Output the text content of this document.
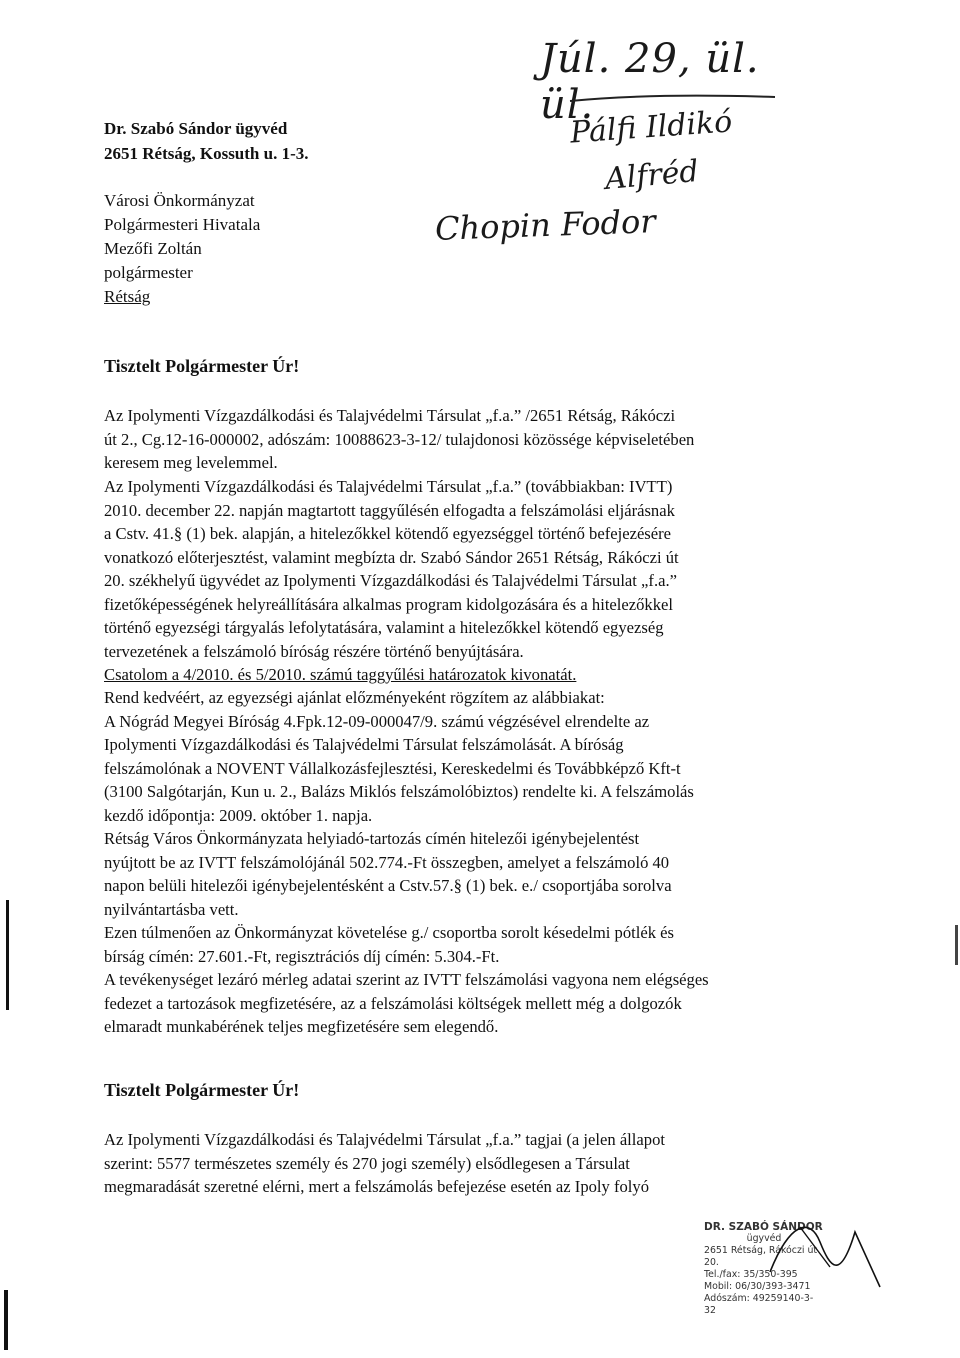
Júl. 29, ül. ül.
Pálfi Ildikó
Alfréd
Chopin Fodor
Dr. Szabó Sándor ügyvéd
2651 Rétság, Kossuth u. 1-3.
Városi Önkormányzat
Polgármesteri Hivatala
Mezőfi Zoltán
polgármester
Rétság
Tisztelt Polgármester Úr!
Az Ipolymenti Vízgazdálkodási és Talajvédelmi Társulat „f.a.” /2651 Rétság, Rákóczi
út 2., Cg.12-16-000002, adószám: 10088623-3-12/ tulajdonosi közössége képviseletében
keresem meg levelemmel.
Az Ipolymenti Vízgazdálkodási és Talajvédelmi Társulat „f.a.” (továbbiakban: IVTT)
2010. december 22. napján magtartott taggyűlésén elfogadta a felszámolási eljárásnak
a Cstv. 41.§ (1) bek. alapján, a hitelezőkkel kötendő egyezséggel történő befejezésére
vonatkozó előterjesztést, valamint megbízta dr. Szabó Sándor 2651 Rétság, Rákóczi út
20. székhelyű ügyvédet az Ipolymenti Vízgazdálkodási és Talajvédelmi Társulat „f.a.”
fizetőképességének helyreállítására alkalmas program kidolgozására és a hitelezőkkel
történő egyezségi tárgyalás lefolytatására, valamint a hitelezőkkel kötendő egyezség
tervezetének a felszámoló bíróság részére történő benyújtására.
Csatolom a 4/2010. és 5/2010. számú taggyűlési határozatok kivonatát.
Rend kedvéért, az egyezségi ajánlat előzményeként rögzítem az alábbiakat:
A Nógrád Megyei Bíróság 4.Fpk.12-09-000047/9. számú végzésével elrendelte az
Ipolymenti Vízgazdálkodási és Talajvédelmi Társulat felszámolását. A bíróság
felszámolónak a NOVENT Vállalkozásfejlesztési, Kereskedelmi és Továbbképző Kft-t
(3100 Salgótarján, Kun u. 2., Balázs Miklós felszámolóbiztos) rendelte ki. A felszámolás
kezdő időpontja: 2009. október 1. napja.
Rétság Város Önkormányzata helyiadó-tartozás címén hitelezői igénybejelentést
nyújtott be az IVTT felszámolójánál 502.774.-Ft összegben, amelyet a felszámoló 40
napon belüli hitelezői igénybejelentésként a Cstv.57.§ (1) bek. e./ csoportjába sorolva
nyilvántartásba vett.
Ezen túlmenően az Önkormányzat követelése g./ csoportba sorolt késedelmi pótlék és
bírság címén: 27.601.-Ft, regisztrációs díj címén: 5.304.-Ft.
A tevékenységet lezáró mérleg adatai szerint az IVTT felszámolási vagyona nem elégséges
fedezet a tartozások megfizetésére, az a felszámolási költségek mellett még a dolgozók
elmaradt munkabérének teljes megfizetésére sem elegendő.
Tisztelt Polgármester Úr!
Az Ipolymenti Vízgazdálkodási és Talajvédelmi Társulat „f.a.” tagjai (a jelen állapot
szerint: 5577 természetes személy és 270 jogi személy) elsődlegesen a Társulat
megmaradását szeretné elérni, mert a felszámolás befejezése esetén az Ipoly folyó
DR. SZABÓ SÁNDOR
ügyvéd
2651 Rétság, Rákóczi út 20.
Tel./fax: 35/350-395
Mobil: 06/30/393-3471
Adószám: 49259140-3-32
